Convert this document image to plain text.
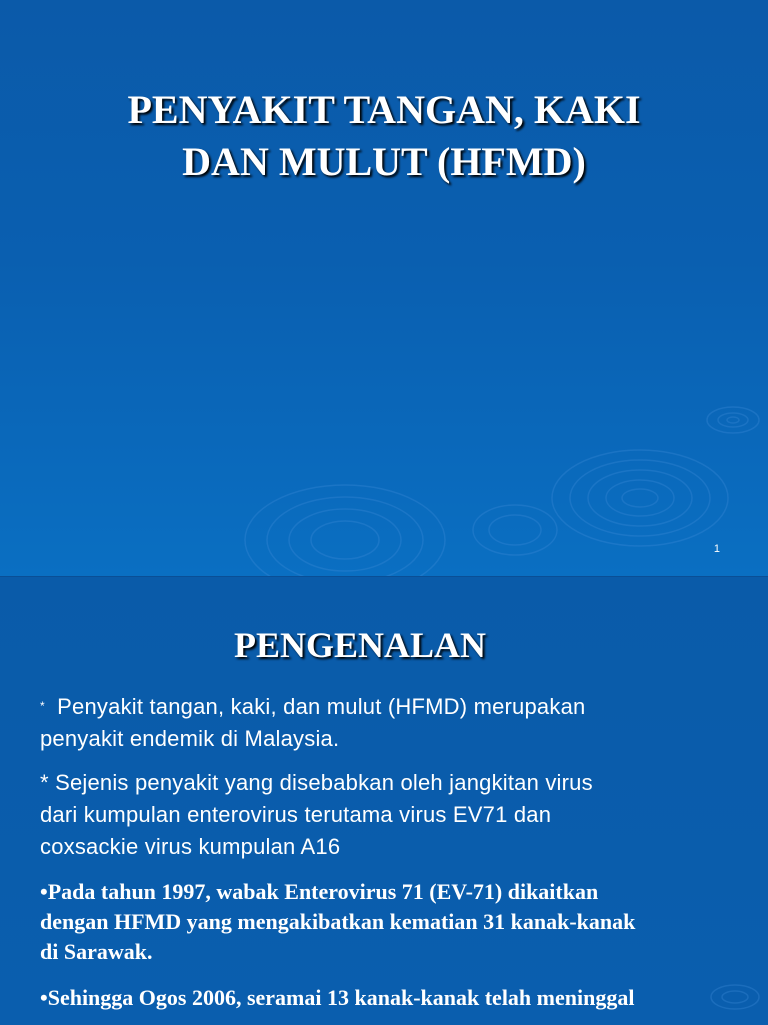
PENYAKIT TANGAN, KAKI
DAN MULUT (HFMD)
1
PENGENALAN
* Penyakit tangan, kaki, dan mulut (HFMD) merupakan
penyakit endemik di Malaysia.
* Sejenis penyakit yang disebabkan oleh jangkitan virus
dari kumpulan enterovirus terutama virus EV71 dan
coxsackie virus kumpulan A16
•Pada tahun 1997, wabak Enterovirus 71 (EV-71) dikaitkan
dengan HFMD yang mengakibatkan kematian 31 kanak-kanak
di Sarawak.
•Sehingga Ogos 2006, seramai 13 kanak-kanak telah meninggal
